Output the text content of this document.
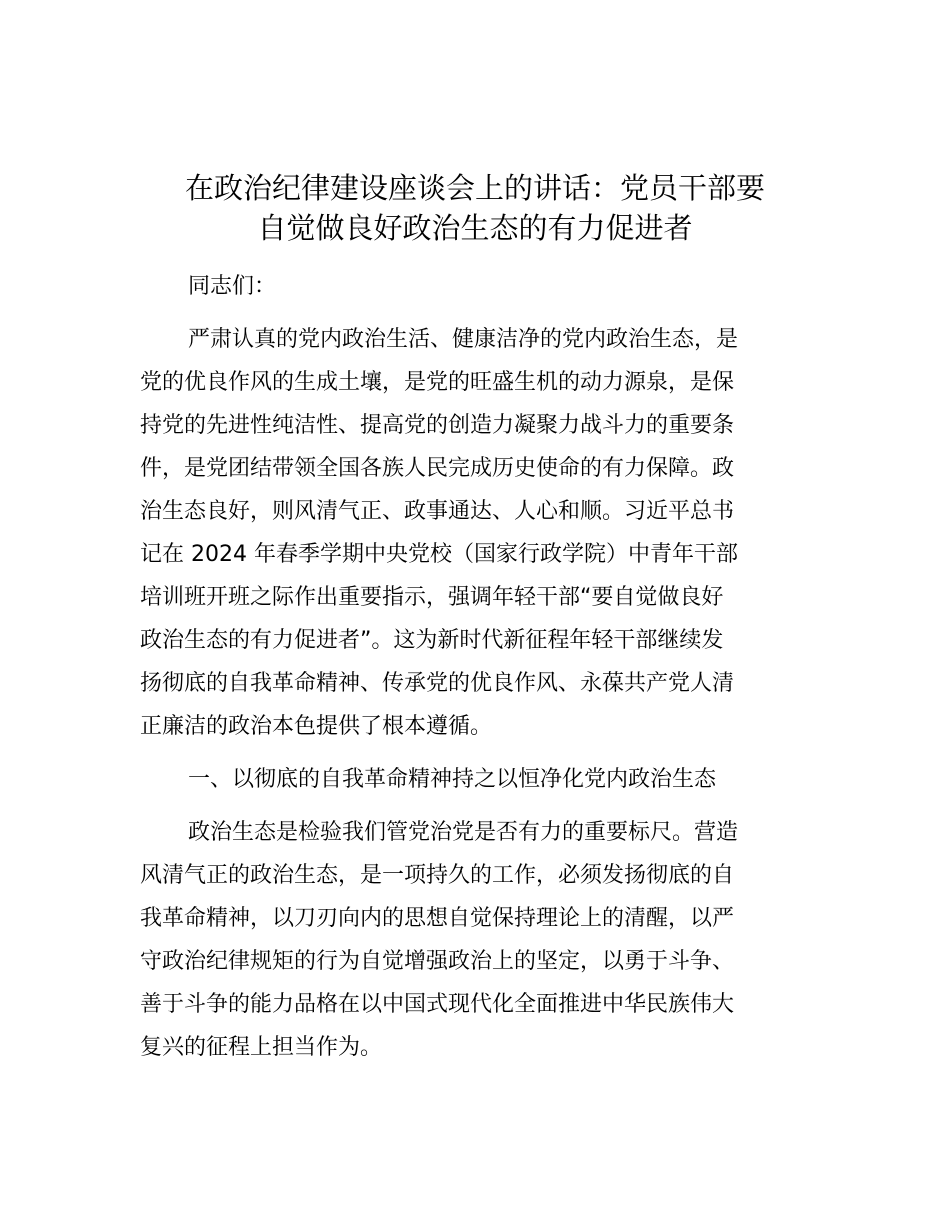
在政治纪律建设座谈会上的讲话：党员干部要
自觉做良好政治生态的有力促进者
同志们：
严肃认真的党内政治生活、健康洁净的党内政治生态，是
党的优良作风的生成土壤，是党的旺盛生机的动力源泉，是保
持党的先进性纯洁性、提高党的创造力凝聚力战斗力的重要条
件，是党团结带领全国各族人民完成历史使命的有力保障。政
治生态良好，则风清气正、政事通达、人心和顺。习近平总书
记在 2024 年春季学期中央党校（国家行政学院）中青年干部
培训班开班之际作出重要指示，强调年轻干部“要自觉做良好
政治生态的有力促进者”。这为新时代新征程年轻干部继续发
扬彻底的自我革命精神、传承党的优良作风、永葆共产党人清
正廉洁的政治本色提供了根本遵循。
一、以彻底的自我革命精神持之以恒净化党内政治生态
政治生态是检验我们管党治党是否有力的重要标尺。营造
风清气正的政治生态，是一项持久的工作，必须发扬彻底的自
我革命精神，以刀刃向内的思想自觉保持理论上的清醒，以严
守政治纪律规矩的行为自觉增强政治上的坚定，以勇于斗争、
善于斗争的能力品格在以中国式现代化全面推进中华民族伟大
复兴的征程上担当作为。
